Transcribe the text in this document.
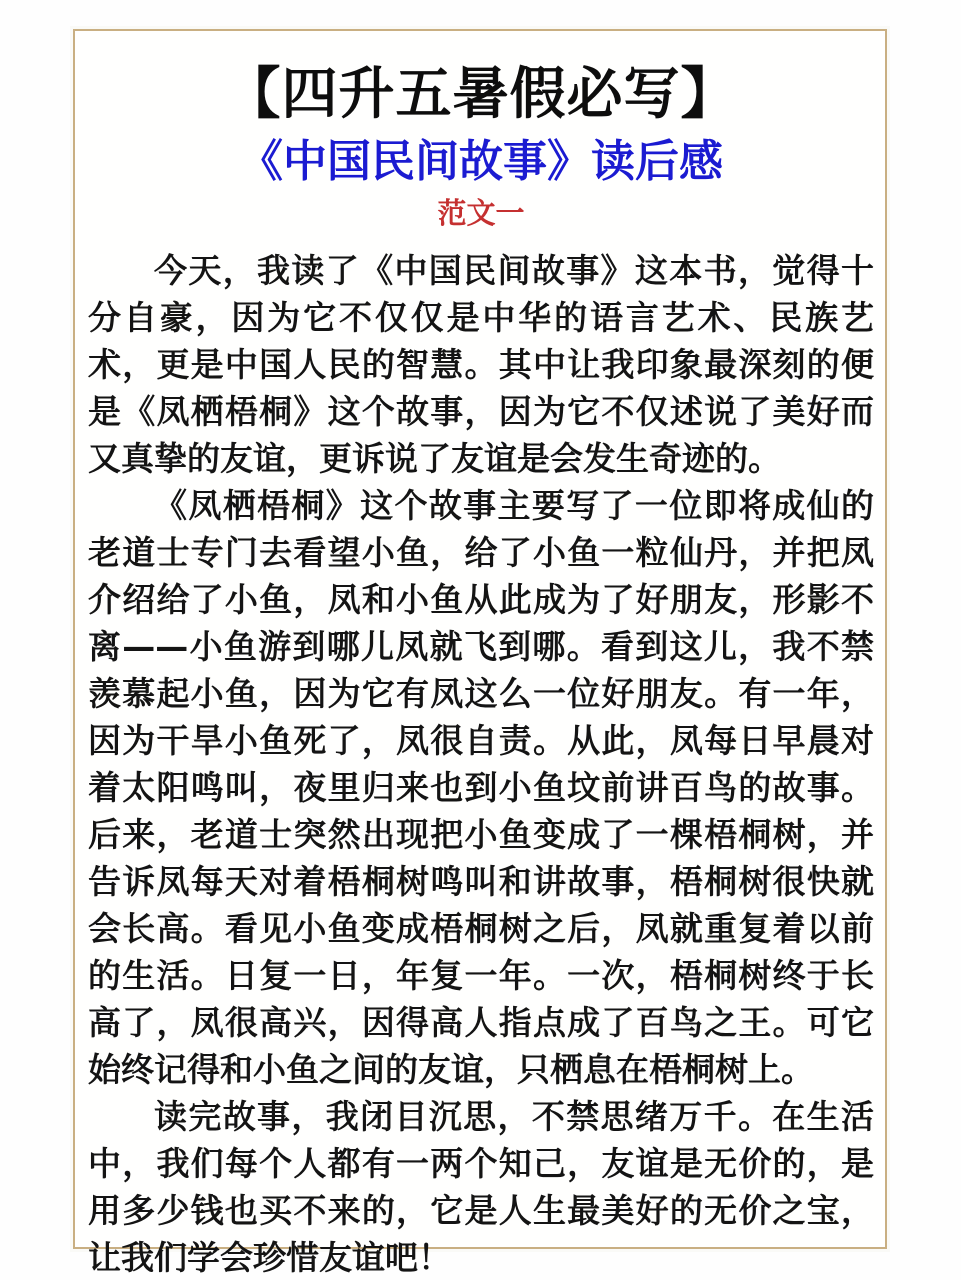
【四升五暑假必写】
《中国民间故事》读后感
范文一

今天，我读了《中国民间故事》这本书，觉得十分自豪，因为它不仅仅是中华的语言艺术、民族艺术，更是中国人民的智慧。其中让我印象最深刻的便是《凤栖梧桐》这个故事，因为它不仅述说了美好而又真挚的友谊，更诉说了友谊是会发生奇迹的。

《凤栖梧桐》这个故事主要写了一位即将成仙的老道士专门去看望小鱼，给了小鱼一粒仙丹，并把凤介绍给了小鱼，凤和小鱼从此成为了好朋友，形影不离——小鱼游到哪儿凤就飞到哪。看到这儿，我不禁羡慕起小鱼，因为它有凤这么一位好朋友。有一年，因为干旱小鱼死了，凤很自责。从此，凤每日早晨对着太阳鸣叫，夜里归来也到小鱼坟前讲百鸟的故事。后来，老道士突然出现把小鱼变成了一棵梧桐树，并告诉凤每天对着梧桐树鸣叫和讲故事，梧桐树很快就会长高。看见小鱼变成梧桐树之后，凤就重复着以前的生活。日复一日，年复一年。一次，梧桐树终于长高了，凤很高兴，因得高人指点成了百鸟之王。可它始终记得和小鱼之间的友谊，只栖息在梧桐树上。

读完故事，我闭目沉思，不禁思绪万千。在生活中，我们每个人都有一两个知己，友谊是无价的，是用多少钱也买不来的，它是人生最美好的无价之宝，让我们学会珍惜友谊吧！
